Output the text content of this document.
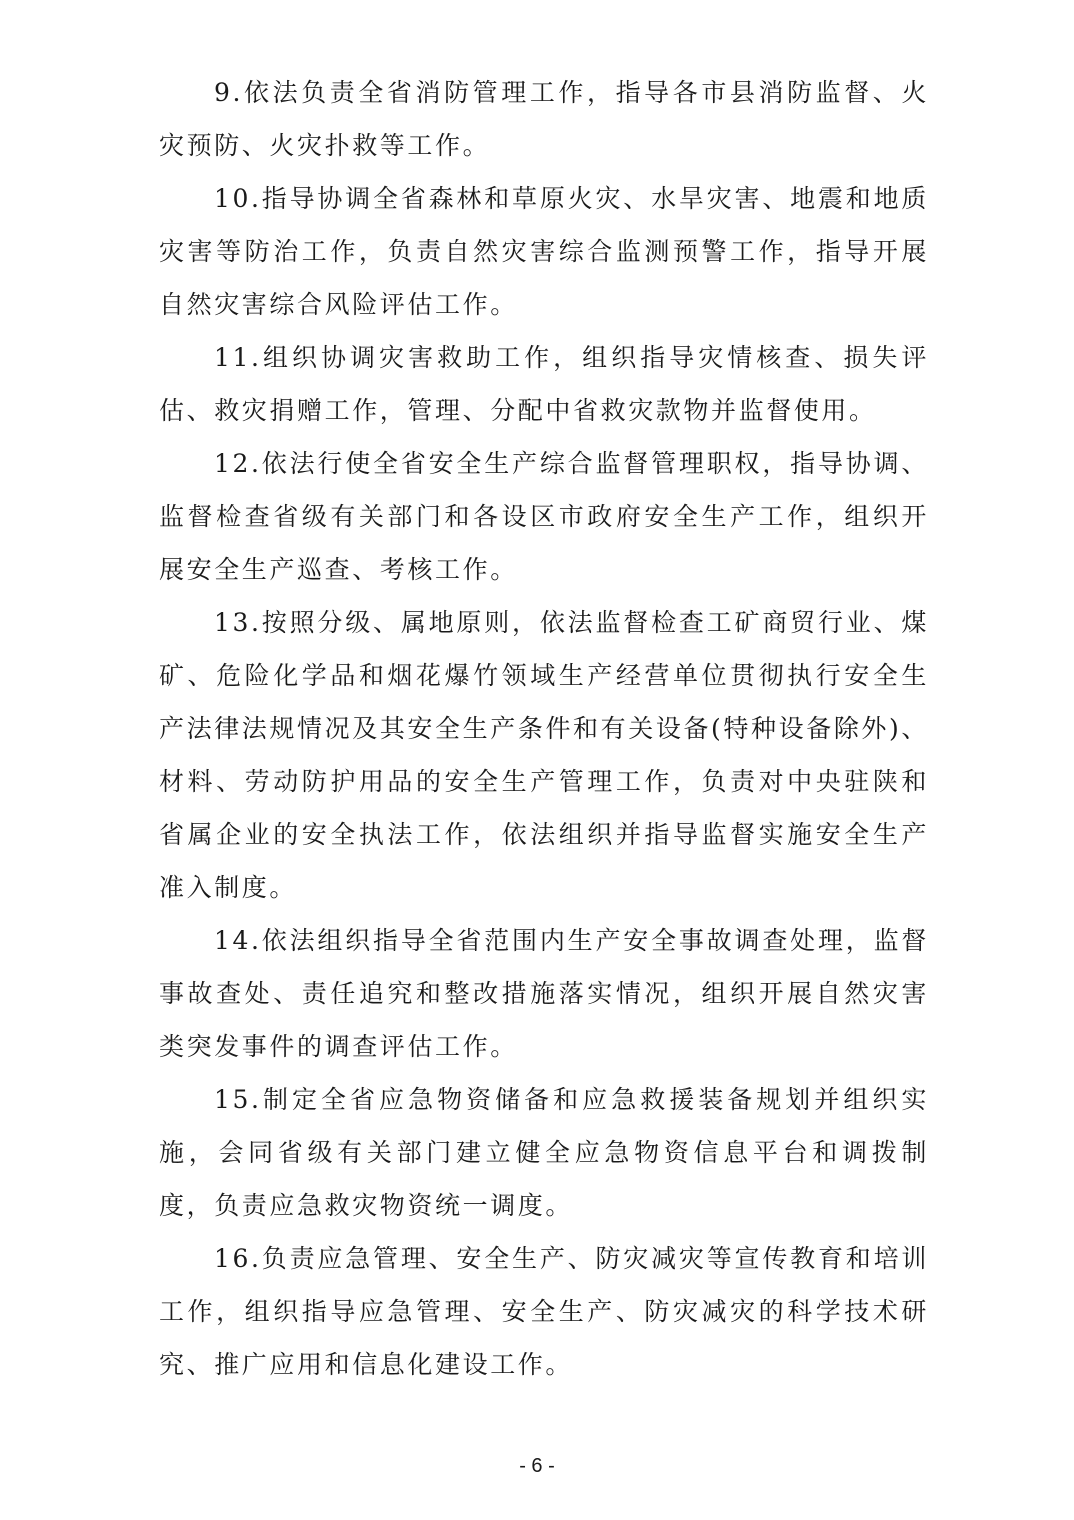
9.依法负责全省消防管理工作，指导各市县消防监督、火灾预防、火灾扑救等工作。

10.指导协调全省森林和草原火灾、水旱灾害、地震和地质灾害等防治工作，负责自然灾害综合监测预警工作，指导开展自然灾害综合风险评估工作。

11.组织协调灾害救助工作，组织指导灾情核查、损失评估、救灾捐赠工作，管理、分配中省救灾款物并监督使用。

12.依法行使全省安全生产综合监督管理职权，指导协调、监督检查省级有关部门和各设区市政府安全生产工作，组织开展安全生产巡查、考核工作。

13.按照分级、属地原则，依法监督检查工矿商贸行业、煤矿、危险化学品和烟花爆竹领域生产经营单位贯彻执行安全生产法律法规情况及其安全生产条件和有关设备(特种设备除外)、材料、劳动防护用品的安全生产管理工作，负责对中央驻陕和省属企业的安全执法工作，依法组织并指导监督实施安全生产准入制度。

14.依法组织指导全省范围内生产安全事故调查处理，监督事故查处、责任追究和整改措施落实情况，组织开展自然灾害类突发事件的调查评估工作。

15.制定全省应急物资储备和应急救援装备规划并组织实施，会同省级有关部门建立健全应急物资信息平台和调拨制度，负责应急救灾物资统一调度。

16.负责应急管理、安全生产、防灾减灾等宣传教育和培训工作，组织指导应急管理、安全生产、防灾减灾的科学技术研究、推广应用和信息化建设工作。

- 6 -
